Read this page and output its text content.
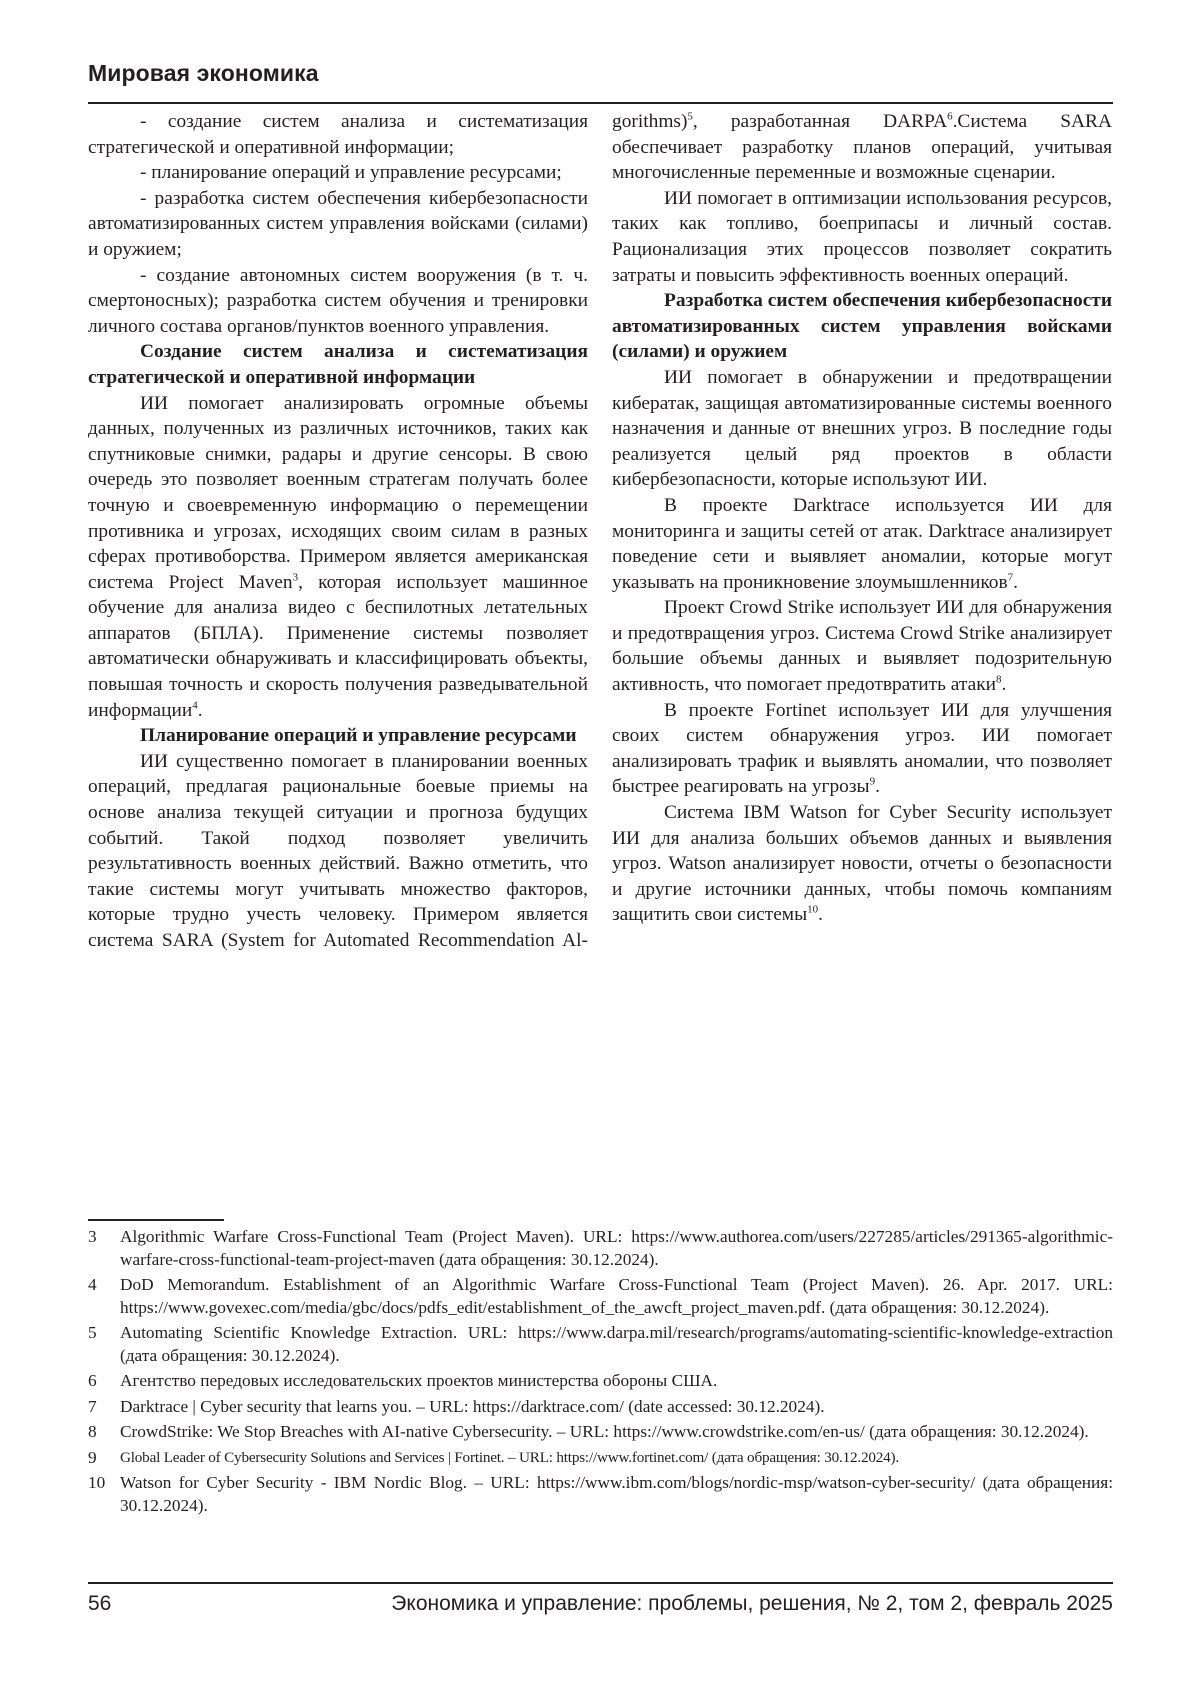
Мировая экономика

- создание систем анализа и систематизация стратегической и оперативной информации;

- планирование операций и управление ресурсами;

- разработка систем обеспечения кибербезопасности автоматизированных систем управления войсками (силами) и оружием;

- создание автономных систем вооружения (в т. ч. смертоносных); разработка систем обучения и тренировки личного состава органов/пунктов военного управления.

Создание систем анализа и систематизация стратегической и оперативной информации

ИИ помогает анализировать огромные объемы данных, полученных из различных источников, таких как спутниковые снимки, радары и другие сенсоры. В свою очередь это позволяет военным стратегам получать более точную и своевременную информацию о перемещении противника и угрозах, исходящих своим силам в разных сферах противоборства. Примером является американская система Project Maven$^3$, которая использует машинное обучение для анализа видео с беспилотных летательных аппаратов (БПЛА). Применение системы позволяет автоматически обнаруживать и классифицировать объекты, повышая точность и скорость получения разведывательной информации$^4$.

Планирование операций и управление ресурсами

ИИ существенно помогает в планировании военных операций, предлагая рациональные боевые приемы на основе анализа текущей ситуации и прогноза будущих событий. Такой подход позволяет увеличить результативность военных действий. Важно отметить, что такие системы могут учитывать множество факторов, которые трудно учесть человеку. Примером является система SARA (System for Automated Recommendation Al-

gorithms)$^5$, разработанная DARPA$^6$.Система SARA обеспечивает разработку планов операций, учитывая многочисленные переменные и возможные сценарии.

ИИ помогает в оптимизации использования ресурсов, таких как топливо, боеприпасы и личный состав. Рационализация этих процессов позволяет сократить затраты и повысить эффективность военных операций.

Разработка систем обеспечения кибербезопасности автоматизированных систем управления войсками (силами) и оружием

ИИ помогает в обнаружении и предотвращении кибератак, защищая автоматизированные системы военного назначения и данные от внешних угроз. В последние годы реализуется целый ряд проектов в области кибербезопасности, которые используют ИИ.

В проекте Darktrace используется ИИ для мониторинга и защиты сетей от атак. Darktrace анализирует поведение сети и выявляет аномалии, которые могут указывать на проникновение злоумышленников$^7$.

Проект Crowd Strike использует ИИ для обнаружения и предотвращения угроз. Система Crowd Strike анализирует большие объемы данных и выявляет подозрительную активность, что помогает предотвратить атаки$^8$.

В проекте Fortinet использует ИИ для улучшения своих систем обнаружения угроз. ИИ помогает анализировать трафик и выявлять аномалии, что позволяет быстрее реагировать на угрозы$^9$.

Система IBM Watson for Cyber Security использует ИИ для анализа больших объемов данных и выявления угроз. Watson анализирует новости, отчеты о безопасности и другие источники данных, чтобы помочь компаниям защитить свои системы$^{10}$.

3	Algorithmic Warfare Cross-Functional Team (Project Maven). URL: https://www.authorea.com/users/227285/articles/291365-algorithmic-warfare-cross-functional-team-project-maven (дата обращения: 30.12.2024).
4	DoD Memorandum. Establishment of an Algorithmic Warfare Cross-Functional Team (Project Maven). 26. Apr. 2017. URL: https://www.govexec.com/media/gbc/docs/pdfs_edit/establishment_of_the_awcft_project_maven.pdf. (дата обращения: 30.12.2024).
5	Automating Scientific Knowledge Extraction. URL: https://www.darpa.mil/research/programs/automating-scientific-knowledge-extraction (дата обращения: 30.12.2024).
6	Агентство передовых исследовательских проектов министерства обороны США.
7	Darktrace | Cyber security that learns you. – URL: https://darktrace.com/ (date accessed: 30.12.2024).
8	CrowdStrike: We Stop Breaches with AI-native Cybersecurity. – URL: https://www.crowdstrike.com/en-us/ (дата обращения: 30.12.2024).
9	Global Leader of Cybersecurity Solutions and Services | Fortinet. – URL: https://www.fortinet.com/ (дата обращения: 30.12.2024).
10 Watson for Cyber Security - IBM Nordic Blog. – URL: https://www.ibm.com/blogs/nordic-msp/watson-cyber-security/ (дата обращения: 30.12.2024).
56	Экономика и управление: проблемы, решения, № 2, том 2, февраль 2025
